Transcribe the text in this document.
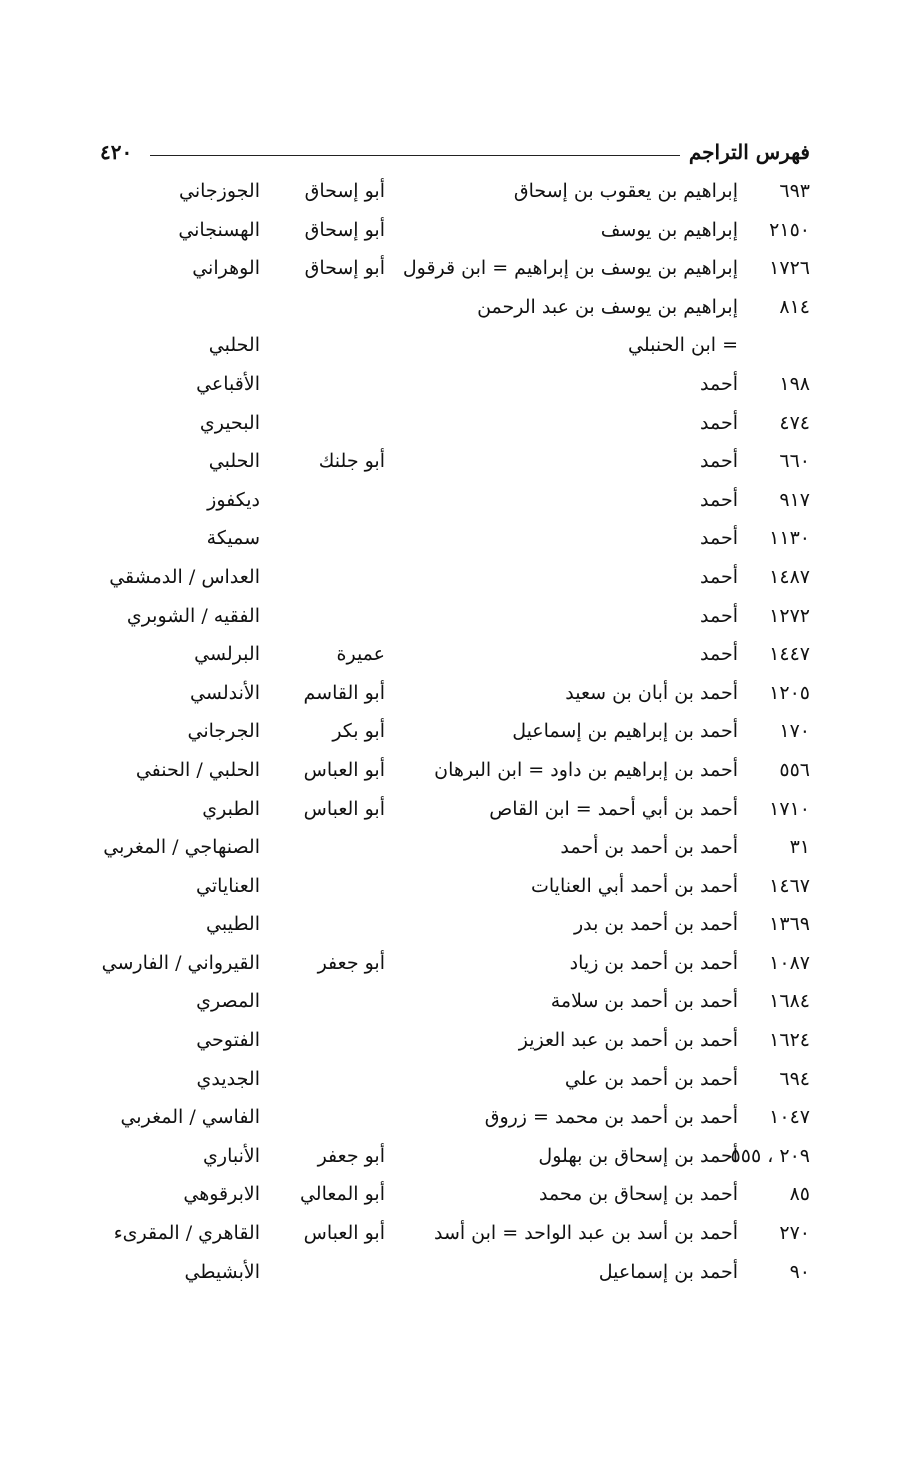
فهرس التراجم
٤٢٠
٦٩٣
إبراهيم بن يعقوب بن إسحاق
أبو إسحاق
الجوزجاني
٢١٥٠
إبراهيم بن يوسف
أبو إسحاق
الهسنجاني
١٧٢٦
إبراهيم بن يوسف بن إبراهيم = ابن قرقول
أبو إسحاق
الوهراني
٨١٤
إبراهيم بن يوسف بن عبد الرحمن
= ابن الحنبلي
الحلبي
١٩٨
أحمد
الأقباعي
٤٧٤
أحمد
البحيري
٦٦٠
أحمد
أبو جلنك
الحلبي
٩١٧
أحمد
ديكفوز
١١٣٠
أحمد
سميكة
١٤٨٧
أحمد
العداس / الدمشقي
١٢٧٢
أحمد
الفقيه / الشوبري
١٤٤٧
أحمد
عميرة
البرلسي
١٢٠٥
أحمد بن أبان بن سعيد
أبو القاسم
الأندلسي
١٧٠
أحمد بن إبراهيم بن إسماعيل
أبو بكر
الجرجاني
٥٥٦
أحمد بن إبراهيم بن داود = ابن البرهان
أبو العباس
الحلبي / الحنفي
١٧١٠
أحمد بن أبي أحمد = ابن القاص
أبو العباس
الطبري
٣١
أحمد بن أحمد بن أحمد
الصنهاجي / المغربي
١٤٦٧
أحمد بن أحمد أبي العنايات
العناياتي
١٣٦٩
أحمد بن أحمد بن بدر
الطيبي
١٠٨٧
أحمد بن أحمد بن زياد
أبو جعفر
القيرواني / الفارسي
١٦٨٤
أحمد بن أحمد بن سلامة
المصري
١٦٢٤
أحمد بن أحمد بن عبد العزيز
الفتوحي
٦٩٤
أحمد بن أحمد بن علي
الجديدي
١٠٤٧
أحمد بن أحمد بن محمد = زروق
الفاسي / المغربي
٢٠٩ ، ٥٥٥
أحمد بن إسحاق بن بهلول
أبو جعفر
الأنباري
٨٥
أحمد بن إسحاق بن محمد
أبو المعالي
الابرقوهي
٢٧٠
أحمد بن أسد بن عبد الواحد = ابن أسد
أبو العباس
القاهري / المقرىء
٩٠
أحمد بن إسماعيل
الأبشيطي
